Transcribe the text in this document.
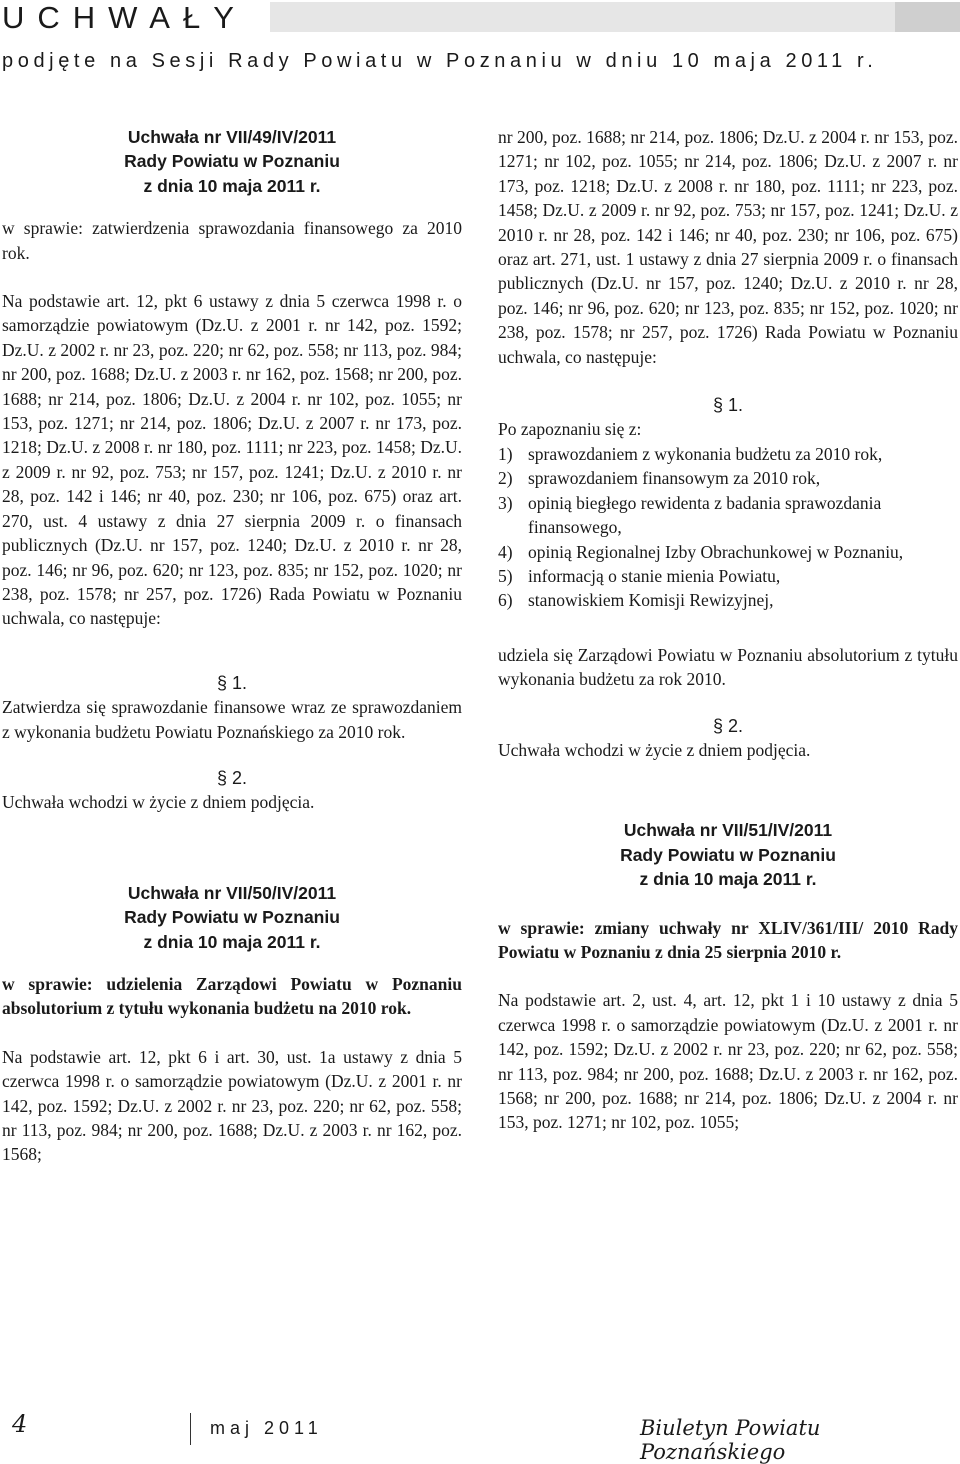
UCHWAŁY
podjęte na Sesji Rady Powiatu w Poznaniu w dniu 10 maja 2011 r.
Uchwała nr VII/49/IV/2011
Rady Powiatu w Poznaniu
z dnia 10 maja 2011 r.

w sprawie: zatwierdzenia sprawozdania finansowego za 2010 rok.

Na podstawie art. 12, pkt 6 ustawy z dnia 5 czerwca 1998 r. o samorządzie powiatowym (Dz.U. z 2001 r. nr 142, poz. 1592; Dz.U. z 2002 r. nr 23, poz. 220; nr 62, poz. 558; nr 113, poz. 984; nr 200, poz. 1688; Dz.U. z 2003 r. nr 162, poz. 1568; nr 200, poz. 1688; nr 214, poz. 1806; Dz.U. z 2004 r. nr 102, poz. 1055; nr 153, poz. 1271; nr 214, poz. 1806; Dz.U. z 2007 r. nr 173, poz. 1218; Dz.U. z 2008 r. nr 180, poz. 1111; nr 223, poz. 1458; Dz.U. z 2009 r. nr 92, poz. 753; nr 157, poz. 1241; Dz.U. z 2010 r. nr 28, poz. 142 i 146; nr 40, poz. 230; nr 106, poz. 675) oraz art. 270, ust. 4 ustawy z dnia 27 sierpnia 2009 r. o finansach publicznych (Dz.U. nr 157, poz. 1240; Dz.U. z 2010 r. nr 28, poz. 146; nr 96, poz. 620; nr 123, poz. 835; nr 152, poz. 1020; nr 238, poz. 1578; nr 257, poz. 1726) Rada Powiatu w Poznaniu uchwala, co następuje:

§ 1.

Zatwierdza się sprawozdanie finansowe wraz ze sprawozdaniem z wykonania budżetu Powiatu Poznańskiego za 2010 rok.

§ 2.

Uchwała wchodzi w życie z dniem podjęcia.

Uchwała nr VII/50/IV/2011
Rady Powiatu w Poznaniu
z dnia 10 maja 2011 r.

w sprawie: udzielenia Zarządowi Powiatu w Poznaniu absolutorium z tytułu wykonania budżetu na 2010 rok.

Na podstawie art. 12, pkt 6 i art. 30, ust. 1a ustawy z dnia 5 czerwca 1998 r. o samorządzie powiatowym (Dz.U. z 2001 r. nr 142, poz. 1592; Dz.U. z 2002 r. nr 23, poz. 220; nr 62, poz. 558; nr 113, poz. 984; nr 200, poz. 1688; Dz.U. z 2003 r. nr 162, poz. 1568;

nr 200, poz. 1688; nr 214, poz. 1806; Dz.U. z 2004 r. nr 153, poz. 1271; nr 102, poz. 1055; nr 214, poz. 1806; Dz.U. z 2007 r. nr 173, poz. 1218; Dz.U. z 2008 r. nr 180, poz. 1111; nr 223, poz. 1458; Dz.U. z 2009 r. nr 92, poz. 753; nr 157, poz. 1241; Dz.U. z 2010 r. nr 28, poz. 142 i 146; nr 40, poz. 230; nr 106, poz. 675) oraz art. 271, ust. 1 ustawy z dnia 27 sierpnia 2009 r. o finansach publicznych (Dz.U. nr 157, poz. 1240; Dz.U. z 2010 r. nr 28, poz. 146; nr 96, poz. 620; nr 123, poz. 835; nr 152, poz. 1020; nr 238, poz. 1578; nr 257, poz. 1726) Rada Powiatu w Poznaniu uchwala, co następuje:

§ 1.

Po zapoznaniu się z:

1) sprawozdaniem z wykonania budżetu za 2010 rok,
2) sprawozdaniem finansowym za 2010 rok,
3) opinią biegłego rewidenta z badania sprawozdania finansowego,
4) opinią Regionalnej Izby Obrachunkowej w Poznaniu,
5) informacją o stanie mienia Powiatu,
6) stanowiskiem Komisji Rewizyjnej,

udziela się Zarządowi Powiatu w Poznaniu absolutorium z tytułu wykonania budżetu za rok 2010.

§ 2.

Uchwała wchodzi w życie z dniem podjęcia.

Uchwała nr VII/51/IV/2011
Rady Powiatu w Poznaniu
z dnia 10 maja 2011 r.

w sprawie: zmiany uchwały nr XLIV/361/III/ 2010 Rady Powiatu w Poznaniu z dnia 25 sierpnia 2010 r.

Na podstawie art. 2, ust. 4, art. 12, pkt 1 i 10 ustawy z dnia 5 czerwca 1998 r. o samorządzie powiatowym (Dz.U. z 2001 r. nr 142, poz. 1592; Dz.U. z 2002 r. nr 23, poz. 220; nr 62, poz. 558; nr 113, poz. 984; nr 200, poz. 1688; Dz.U. z 2003 r. nr 162, poz. 1568; nr 200, poz. 1688; nr 214, poz. 1806; Dz.U. z 2004 r. nr 153, poz. 1271; nr 102, poz. 1055;

4	maj 2011	Biuletyn Powiatu Poznańskiego
